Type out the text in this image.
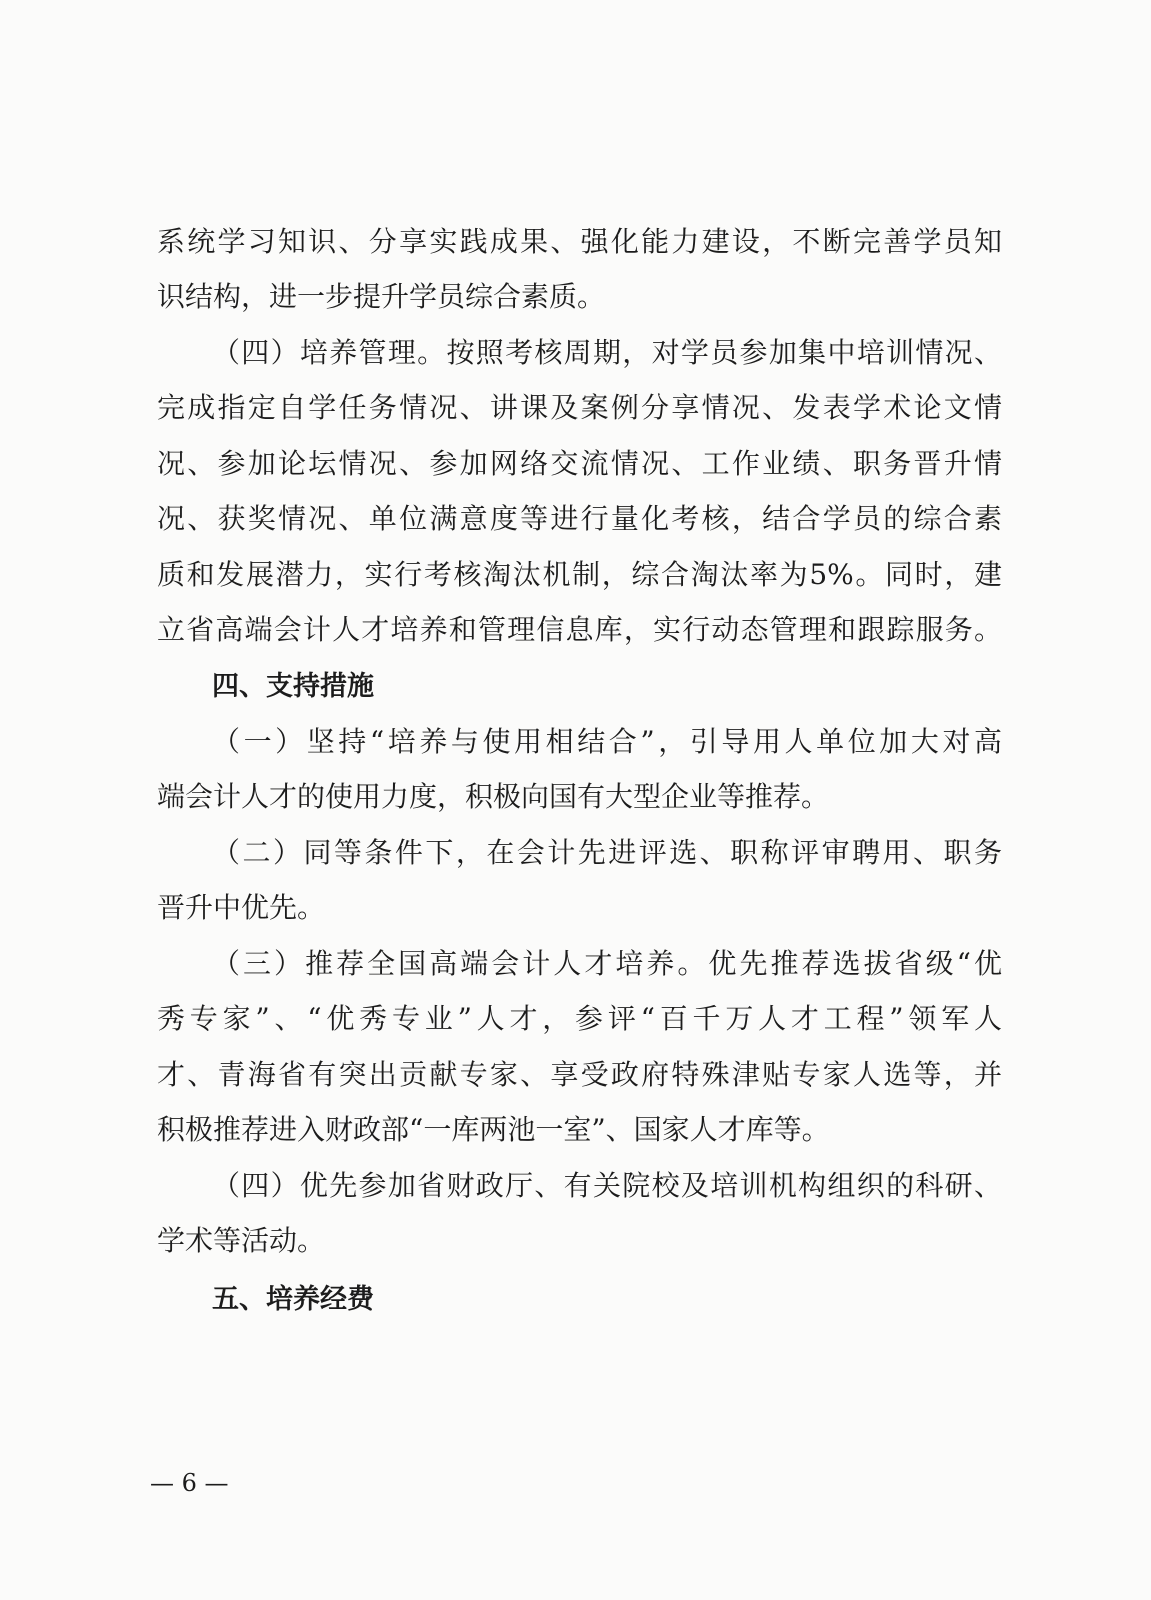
系统学习知识、分享实践成果、强化能力建设，不断完善学员知
识结构，进一步提升学员综合素质。
（四）培养管理。按照考核周期，对学员参加集中培训情况、
完成指定自学任务情况、讲课及案例分享情况、发表学术论文情
况、参加论坛情况、参加网络交流情况、工作业绩、职务晋升情
况、获奖情况、单位满意度等进行量化考核，结合学员的综合素
质和发展潜力，实行考核淘汰机制，综合淘汰率为5%。同时，建
立省高端会计人才培养和管理信息库，实行动态管理和跟踪服务。
四、支持措施
（一）坚持“培养与使用相结合”，引导用人单位加大对高
端会计人才的使用力度，积极向国有大型企业等推荐。
（二）同等条件下，在会计先进评选、职称评审聘用、职务
晋升中优先。
（三）推荐全国高端会计人才培养。优先推荐选拔省级“优
秀专家”、“优秀专业”人才，参评“百千万人才工程”领军人
才、青海省有突出贡献专家、享受政府特殊津贴专家人选等，并
积极推荐进入财政部“一库两池一室”、国家人才库等。
（四）优先参加省财政厅、有关院校及培训机构组织的科研、
学术等活动。
五、培养经费
— 6 —
